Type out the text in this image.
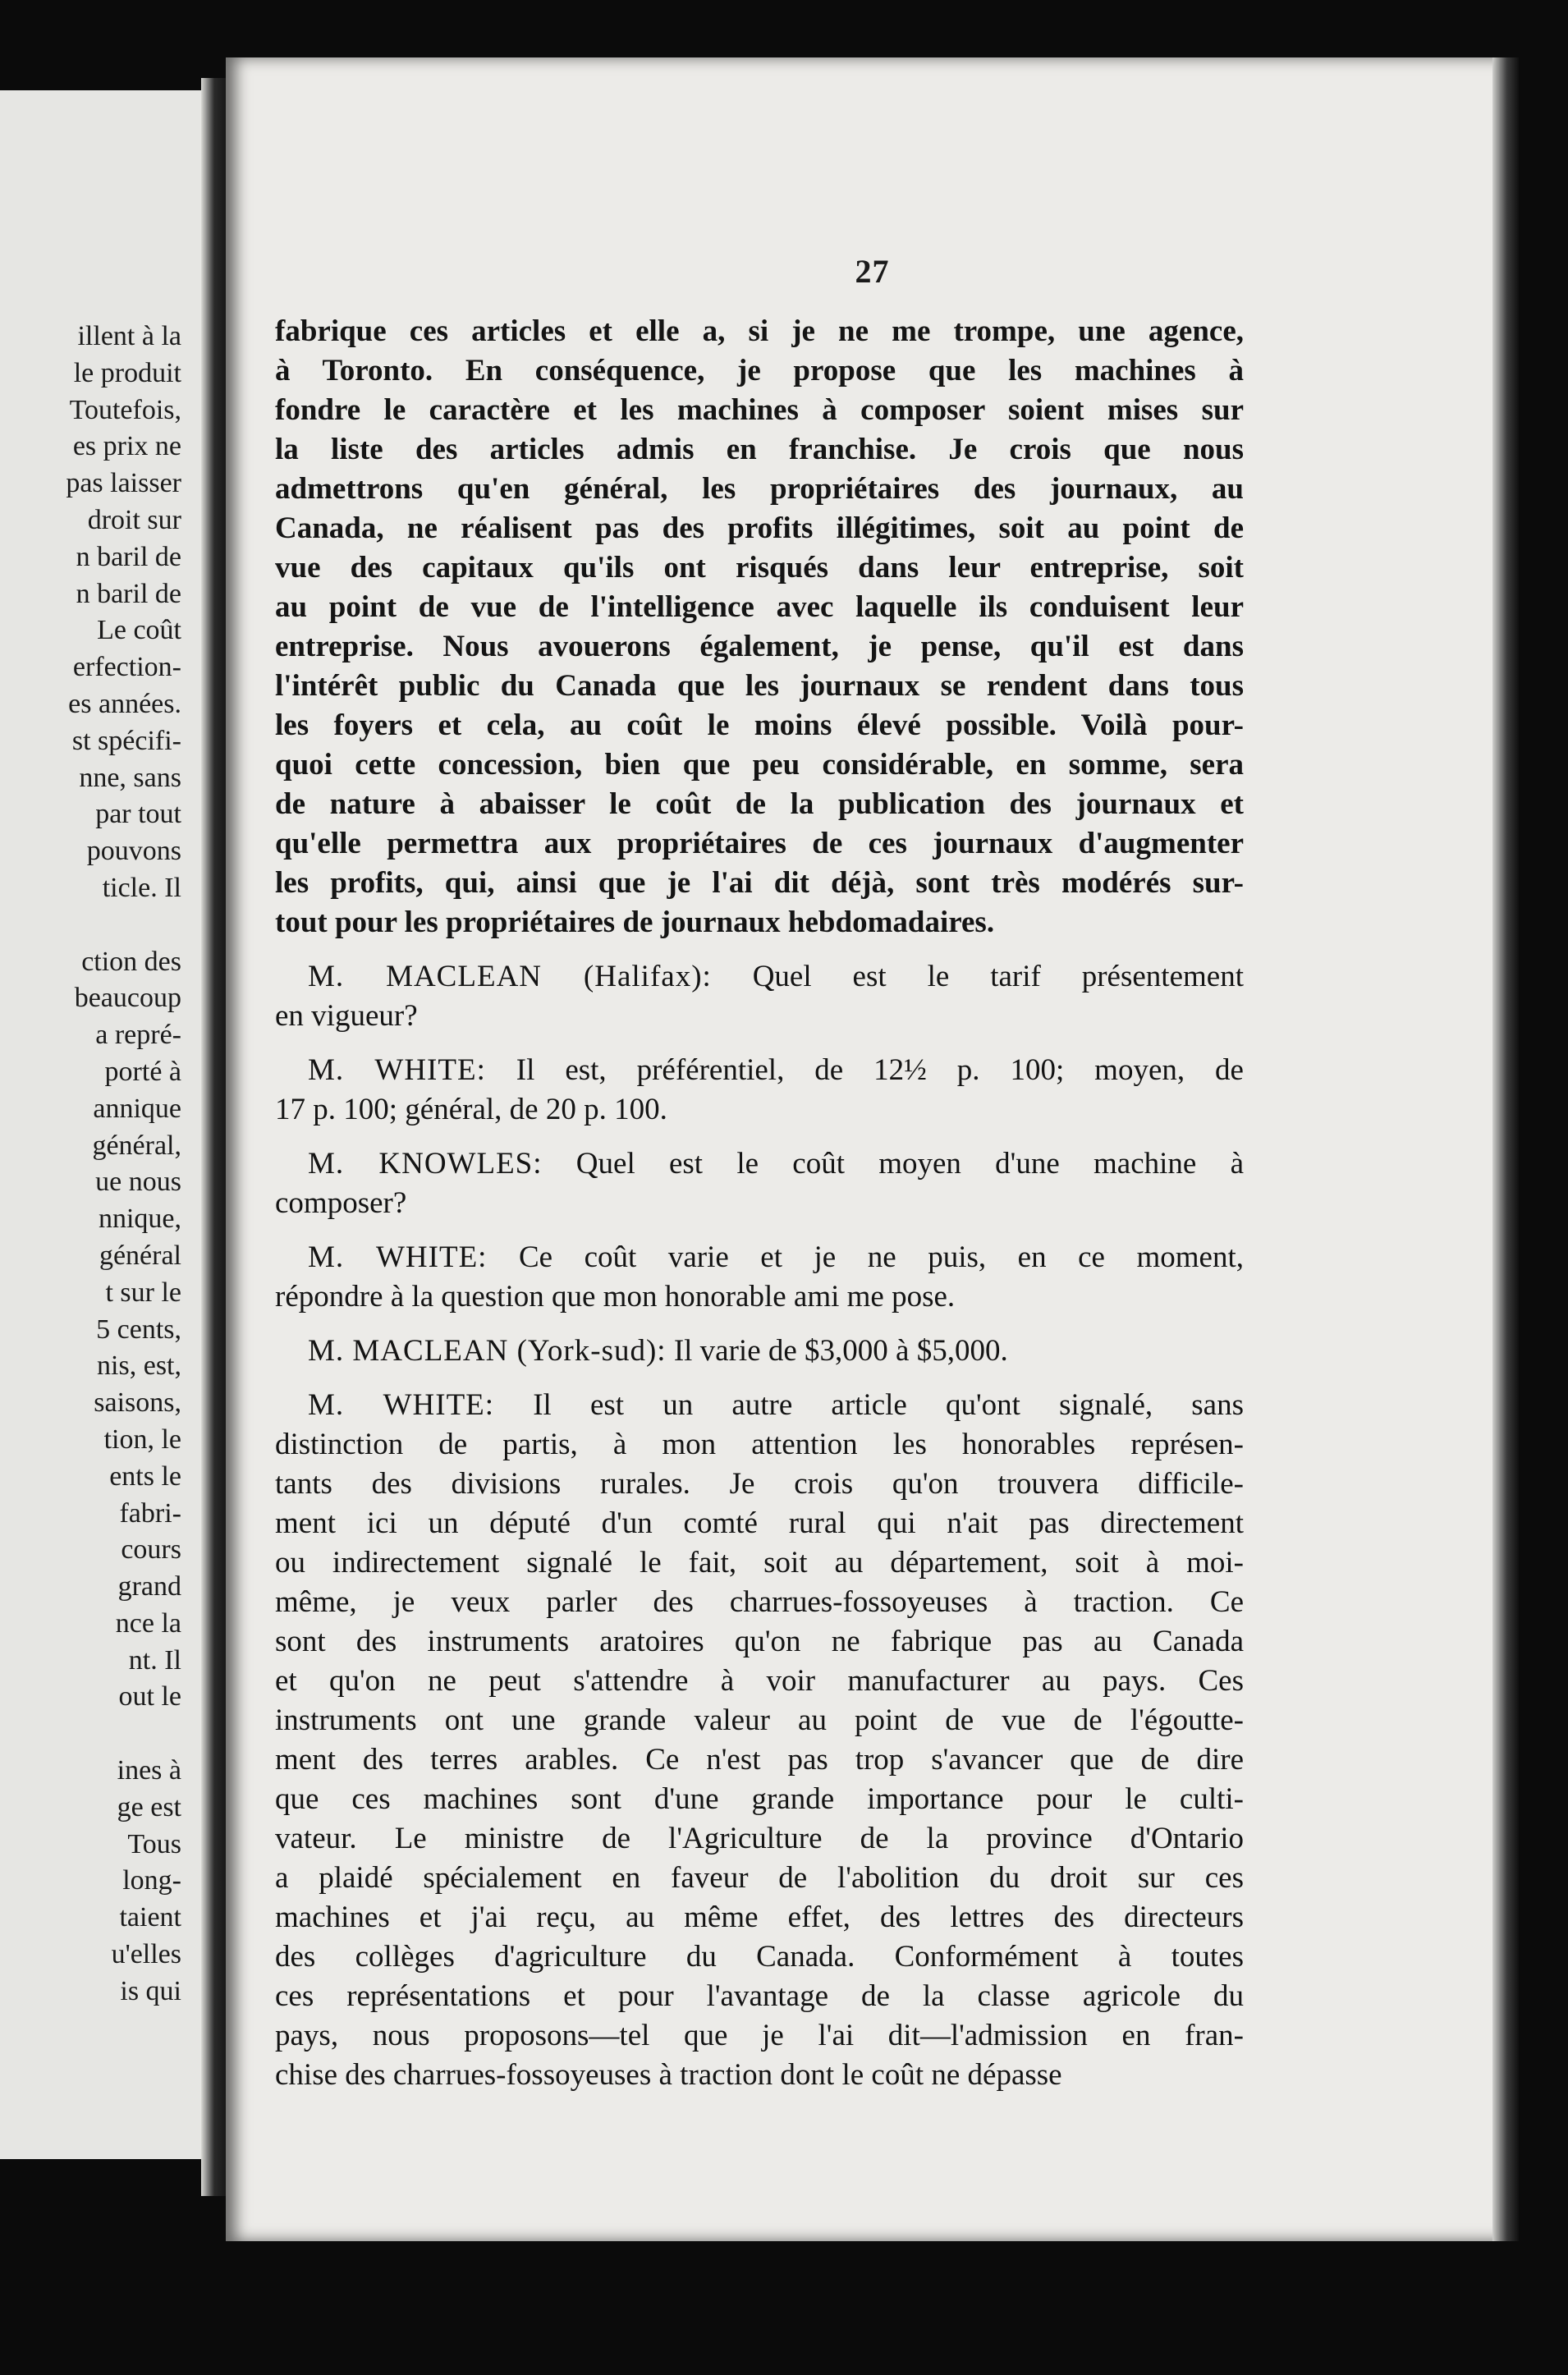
illent à la
le produit
Toutefois,
es prix ne
pas laisser
droit sur
n baril de
n baril de
Le coût
erfection-
es années.
st spécifi-
nne, sans
par tout
pouvons
ticle. Il
ction des
beaucoup
a repré-
porté à
annique
général,
ue nous
nnique,
général
t sur le
5 cents,
nis, est,
saisons,
tion, le
ents le
fabri-
cours
grand
nce la
nt. Il
out le
ines à
ge est
Tous
long-
taient
u'elles
is qui
27
fabrique ces articles et elle a, si je ne me trompe, une agence,
à Toronto. En conséquence, je propose que les machines à
fondre le caractère et les machines à composer soient mises sur
la liste des articles admis en franchise. Je crois que nous
admettrons qu'en général, les propriétaires des journaux, au
Canada, ne réalisent pas des profits illégitimes, soit au point de
vue des capitaux qu'ils ont risqués dans leur entreprise, soit
au point de vue de l'intelligence avec laquelle ils conduisent leur
entreprise. Nous avouerons également, je pense, qu'il est dans
l'intérêt public du Canada que les journaux se rendent dans tous
les foyers et cela, au coût le moins élevé possible. Voilà pour-
quoi cette concession, bien que peu considérable, en somme, sera
de nature à abaisser le coût de la publication des journaux et
qu'elle permettra aux propriétaires de ces journaux d'augmenter
les profits, qui, ainsi que je l'ai dit déjà, sont très modérés sur-
tout pour les propriétaires de journaux hebdomadaires.
M. MACLEAN (Halifax): Quel est le tarif présentement
en vigueur?
M. WHITE: Il est, préférentiel, de 12½ p. 100; moyen, de
17 p. 100; général, de 20 p. 100.
M. KNOWLES: Quel est le coût moyen d'une machine à
composer?
M. WHITE: Ce coût varie et je ne puis, en ce moment,
répondre à la question que mon honorable ami me pose.
M. MACLEAN (York-sud): Il varie de $3,000 à $5,000.
M. WHITE: Il est un autre article qu'ont signalé, sans
distinction de partis, à mon attention les honorables représen-
tants des divisions rurales. Je crois qu'on trouvera difficile-
ment ici un député d'un comté rural qui n'ait pas directement
ou indirectement signalé le fait, soit au département, soit à moi-
même, je veux parler des charrues-fossoyeuses à traction. Ce
sont des instruments aratoires qu'on ne fabrique pas au Canada
et qu'on ne peut s'attendre à voir manufacturer au pays. Ces
instruments ont une grande valeur au point de vue de l'égoutte-
ment des terres arables. Ce n'est pas trop s'avancer que de dire
que ces machines sont d'une grande importance pour le culti-
vateur. Le ministre de l'Agriculture de la province d'Ontario
a plaidé spécialement en faveur de l'abolition du droit sur ces
machines et j'ai reçu, au même effet, des lettres des directeurs
des collèges d'agriculture du Canada. Conformément à toutes
ces représentations et pour l'avantage de la classe agricole du
pays, nous proposons—tel que je l'ai dit—l'admission en fran-
chise des charrues-fossoyeuses à traction dont le coût ne dépasse
